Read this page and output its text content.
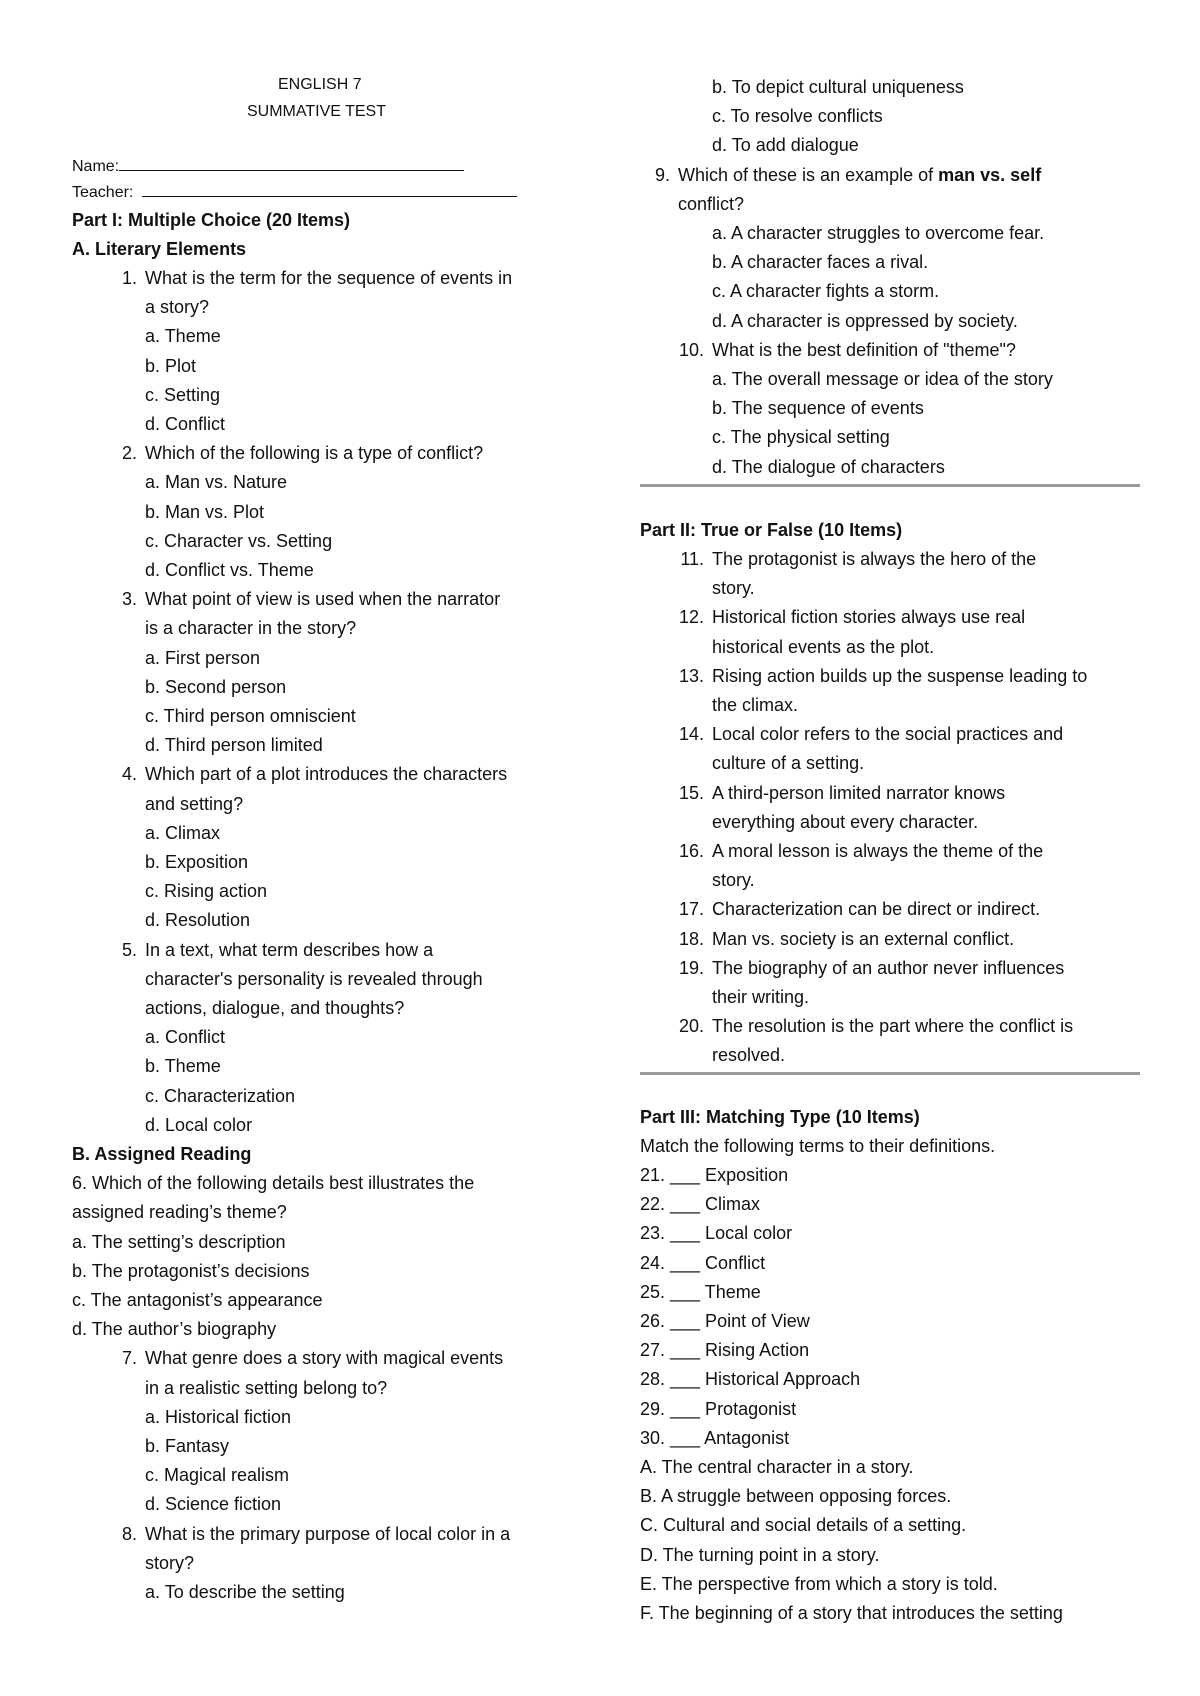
ENGLISH 7
SUMMATIVE TEST
Name:
Teacher:
Part I: Multiple Choice (20 Items)
A. Literary Elements
What is the term for the sequence of events in
1.
a story?
a. Theme
b. Plot
c. Setting
d. Conflict
Which of the following is a type of conflict?
2.
a. Man vs. Nature
b. Man vs. Plot
c. Character vs. Setting
d. Conflict vs. Theme
What point of view is used when the narrator
3.
is a character in the story?
a. First person
b. Second person
c. Third person omniscient
d. Third person limited
Which part of a plot introduces the characters
4.
and setting?
a. Climax
b. Exposition
c. Rising action
d. Resolution
In a text, what term describes how a
5.
character's personality is revealed through
actions, dialogue, and thoughts?
a. Conflict
b. Theme
c. Characterization
d. Local color
B. Assigned Reading
6. Which of the following details best illustrates the
assigned reading’s theme?
a. The setting’s description
b. The protagonist’s decisions
c. The antagonist’s appearance
d. The author’s biography
What genre does a story with magical events
7.
in a realistic setting belong to?
a. Historical fiction
b. Fantasy
c. Magical realism
d. Science fiction
What is the primary purpose of local color in a
8.
story?
a. To describe the setting
b. To depict cultural uniqueness
c. To resolve conflicts
d. To add dialogue
9. Which of these is an example of man vs. self
conflict?
a. A character struggles to overcome fear.
b. A character faces a rival.
c. A character fights a storm.
d. A character is oppressed by society.
What is the best definition of "theme"?
10.
a. The overall message or idea of the story
b. The sequence of events
c. The physical setting
d. The dialogue of characters
Part II: True or False (10 Items)
The protagonist is always the hero of the
11.
story.
Historical fiction stories always use real
12.
historical events as the plot.
Rising action builds up the suspense leading to
13.
the climax.
Local color refers to the social practices and
14.
culture of a setting.
A third-person limited narrator knows
15.
everything about every character.
A moral lesson is always the theme of the
16.
story.
Characterization can be direct or indirect.
17.
Man vs. society is an external conflict.
18.
The biography of an author never influences
19.
their writing.
The resolution is the part where the conflict is
20.
resolved.
Part III: Matching Type (10 Items)
Match the following terms to their definitions.
21. ___ Exposition
22. ___ Climax
23. ___ Local color
24. ___ Conflict
25. ___ Theme
26. ___ Point of View
27. ___ Rising Action
28. ___ Historical Approach
29. ___ Protagonist
30. ___ Antagonist
A. The central character in a story.
B. A struggle between opposing forces.
C. Cultural and social details of a setting.
D. The turning point in a story.
E. The perspective from which a story is told.
F. The beginning of a story that introduces the setting
